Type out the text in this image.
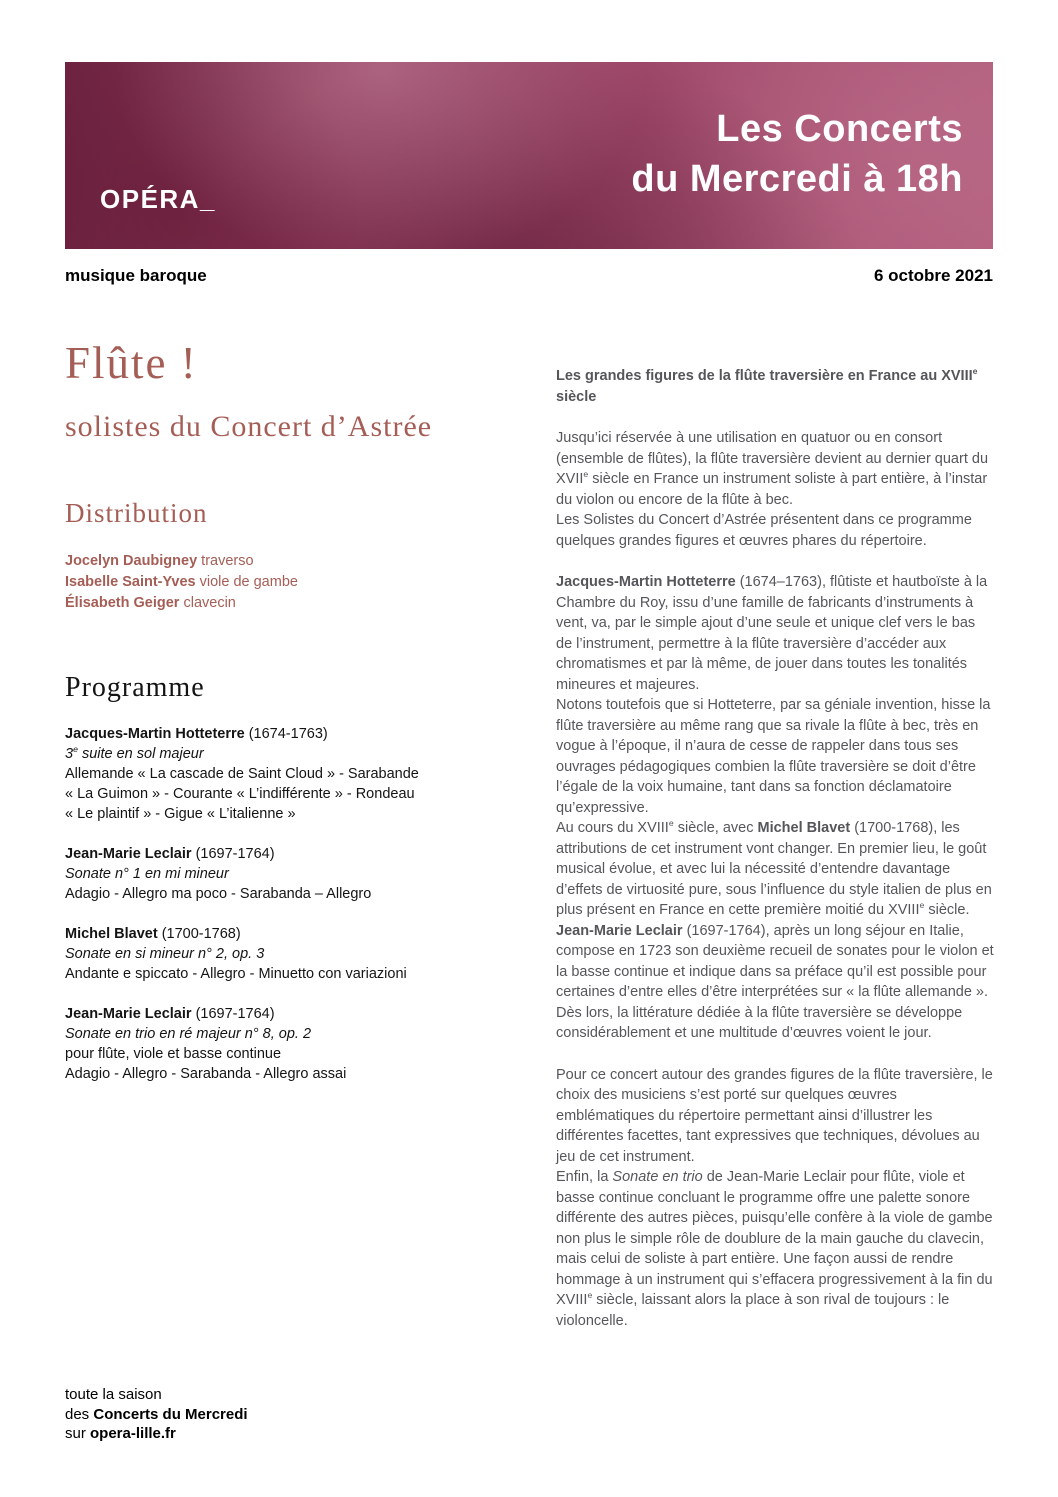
OPÉRA_

_DE___

___LILLE

Les Concerts
du Mercredi à 18h
musique baroque	6 octobre 2021
Flûte !
solistes du Concert d’Astrée
Distribution
Jocelyn Daubigney traverso
Isabelle Saint-Yves viole de gambe
Élisabeth Geiger clavecin
Programme
Jacques-Martin Hotteterre (1674-1763)
3e suite en sol majeur
Allemande « La cascade de Saint Cloud » - Sarabande
« La Guimon » - Courante « L’indifférente » - Rondeau
« Le plaintif » - Gigue « L’italienne »
Jean-Marie Leclair (1697-1764)
Sonate n° 1 en mi mineur
Adagio - Allegro ma poco - Sarabanda – Allegro
Michel Blavet (1700-1768)
Sonate en si mineur n° 2, op. 3
Andante e spiccato - Allegro - Minuetto con variazioni
Jean-Marie Leclair (1697-1764)
Sonate en trio en ré majeur n° 8, op. 2
pour flûte, viole et basse continue
Adagio - Allegro - Sarabanda - Allegro assai

Les grandes figures de la flûte traversière en France au XVIIIe siècle

Jusqu’ici réservée à une utilisation en quatuor ou en consort (ensemble de flûtes), la flûte traversière devient au dernier quart du XVIIe siècle en France un instrument soliste à part entière, à l’instar du violon ou encore de la flûte à bec.
Les Solistes du Concert d’Astrée présentent dans ce programme quelques grandes figures et œuvres phares du répertoire.

Jacques-Martin Hotteterre (1674–1763), flûtiste et hautboïste à la Chambre du Roy, issu d’une famille de fabricants d’instruments à vent, va, par le simple ajout d’une seule et unique clef vers le bas de l’instrument, permettre à la flûte traversière d’accéder aux chromatismes et par là même, de jouer dans toutes les tonalités mineures et majeures.
Notons toutefois que si Hotteterre, par sa géniale invention, hisse la flûte traversière au même rang que sa rivale la flûte à bec, très en vogue à l’époque, il n’aura de cesse de rappeler dans tous ses ouvrages pédagogiques combien la flûte traversière se doit d’être l’égale de la voix humaine, tant dans sa fonction déclamatoire qu’expressive.
Au cours du XVIIIe siècle, avec Michel Blavet (1700-1768), les attributions de cet instrument vont changer. En premier lieu, le goût musical évolue, et avec lui la nécessité d’entendre davantage d’effets de virtuosité pure, sous l’influence du style italien de plus en plus présent en France en cette première moitié du XVIIIe siècle.
Jean-Marie Leclair (1697-1764), après un long séjour en Italie, compose en 1723 son deuxième recueil de sonates pour le violon et la basse continue et indique dans sa préface qu’il est possible pour certaines d’entre elles d’être interprétées sur « la flûte allemande ». Dès lors, la littérature dédiée à la flûte traversière se développe considérablement et une multitude d’œuvres voient le jour.

Pour ce concert autour des grandes figures de la flûte traversière, le choix des musiciens s’est porté sur quelques œuvres emblématiques du répertoire permettant ainsi d’illustrer les différentes facettes, tant expressives que techniques, dévolues au jeu de cet instrument.
Enfin, la Sonate en trio de Jean-Marie Leclair pour flûte, viole et basse continue concluant le programme offre une palette sonore différente des autres pièces, puisqu’elle confère à la viole de gambe non plus le simple rôle de doublure de la main gauche du clavecin, mais celui de soliste à part entière. Une façon aussi de rendre hommage à un instrument qui s’effacera progressivement à la fin du XVIIIe siècle, laissant alors la place à son rival de toujours : le violoncelle.

toute la saison
des Concerts du Mercredi
sur opera-lille.fr
